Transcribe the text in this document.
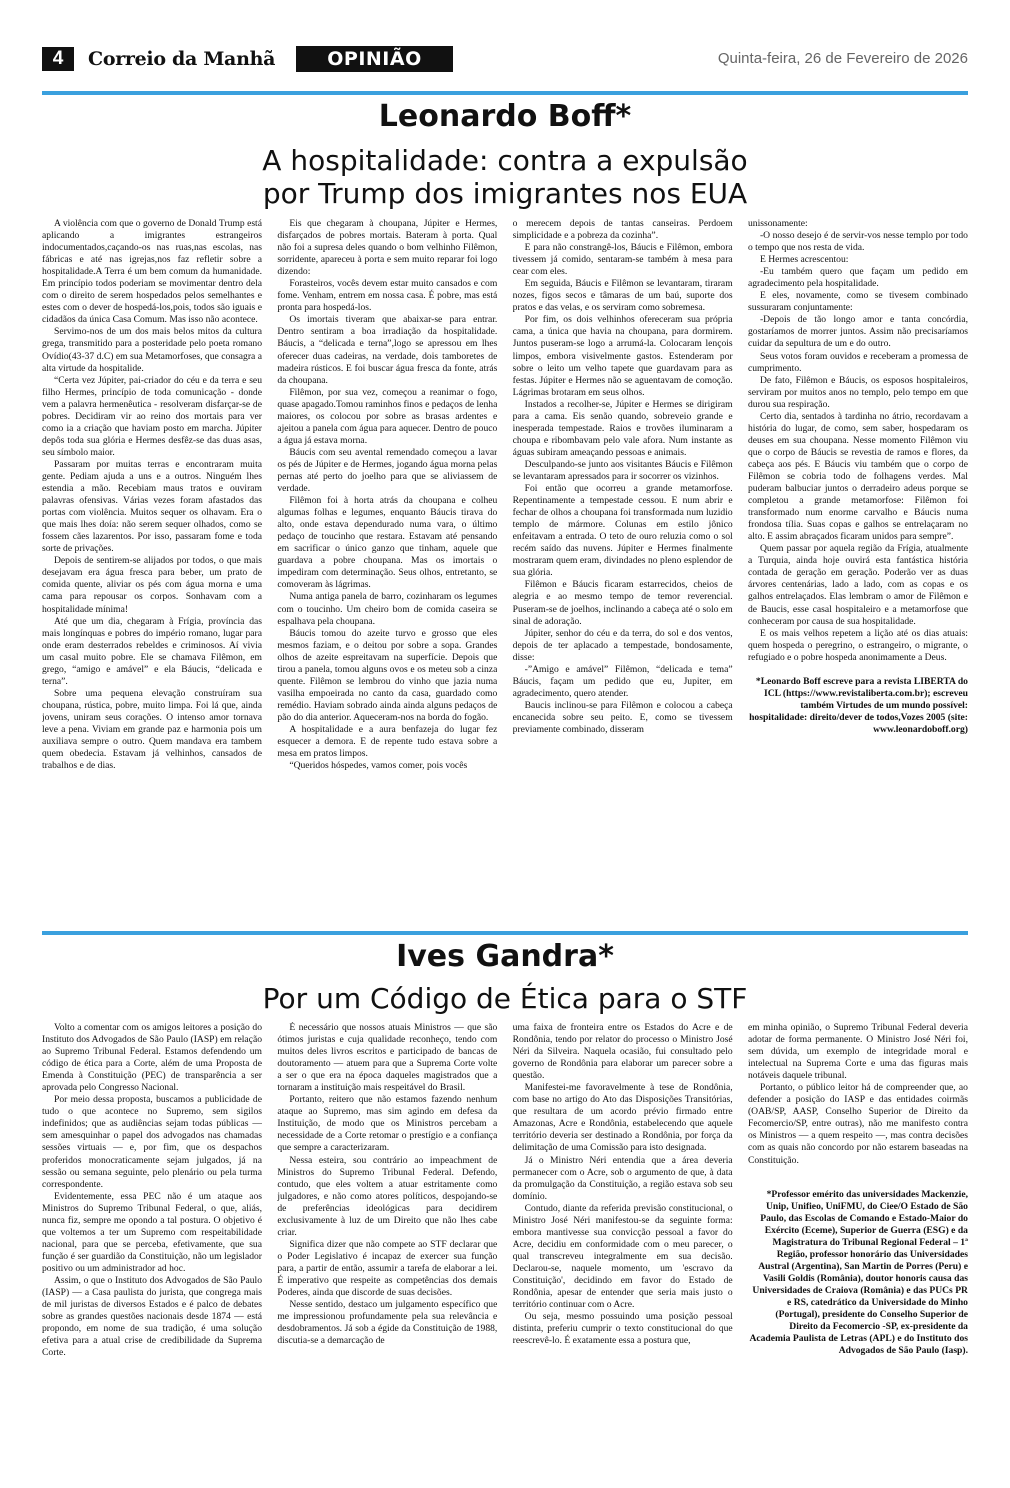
4	Correio da Manhã	OPINIÃO	Quinta-feira, 26 de Fevereiro de 2026
Leonardo Boff*
A hospitalidade: contra a expulsão
por Trump dos imigrantes nos EUA

A violência com que o governo de Donald Trump está aplicando a imigrantes estrangeiros indocumentados,caçando-os nas ruas,nas escolas, nas fábricas e até nas igrejas,nos faz refletir sobre a hospitalidade.A Terra é um bem comum da humanidade. Em princípio todos poderiam se movimentar dentro dela com o direito de serem hospedados pelos semelhantes e estes com o dever de hospedá-los,pois, todos são iguais e cidadãos da única Casa Comum. Mas isso não acontece.

Servimo-nos de um dos mais belos mitos da cultura grega, transmitido para a posteridade pelo poeta romano Ovídio(43-37 d.C) em sua Metamorfoses, que consagra a alta virtude da hospitalide.

“Certa vez Júpiter, pai-criador do céu e da terra e seu filho Hermes, princípio de toda comunicação - donde vem a palavra hermenêutica - resolveram disfarçar-se de pobres. Decidiram vir ao reino dos mortais para ver como ia a criação que haviam posto em marcha. Júpiter depôs toda sua glória e Hermes desfêz-se das duas asas, seu símbolo maior.

Passaram por muitas terras e encontraram muita gente. Pediam ajuda a uns e a outros. Ninguém lhes estendia a mão. Recebiam maus tratos e ouviram palavras ofensivas. Várias vezes foram afastados das portas com violência. Muitos sequer os olhavam. Era o que mais lhes doía: não serem sequer olhados, como se fossem cães lazarentos. Por isso, passaram fome e toda sorte de privações.

Depois de sentirem-se alijados por todos, o que mais desejavam era água fresca para beber, um prato de comida quente, aliviar os pés com água morna e uma cama para repousar os corpos. Sonhavam com a hospitalidade mínima!

Até que um dia, chegaram à Frígia, província das mais longínquas e pobres do império romano, lugar para onde eram desterrados rebeldes e criminosos. Aí vivia um casal muito pobre. Ele se chamava Filêmon, em grego, “amigo e amável” e ela Báucis, “delicada e terna”.

Sobre uma pequena elevação construíram sua choupana, rústica, pobre, muito limpa. Foi lá que, ainda jovens, uniram seus corações. O intenso amor tornava leve a pena. Viviam em grande paz e harmonia pois um auxiliava sempre o outro. Quem mandava era tambem quem obedecia. Estavam já velhinhos, cansados de trabalhos e de dias.

Eis que chegaram à choupana, Júpiter e Hermes, disfarçados de pobres mortais. Bateram à porta. Qual não foi a supresa deles quando o bom velhinho Filêmon, sorridente, apareceu à porta e sem muito reparar foi logo dizendo:

Forasteiros, vocês devem estar muito cansados e com fome. Venham, entrem em nossa casa. É pobre, mas está pronta para hospedá-los.

Os imortais tiveram que abaixar-se para entrar. Dentro sentiram a boa irradiação da hospitalidade. Báucis, a “delicada e terna”,logo se apressou em lhes oferecer duas cadeiras, na verdade, dois tamboretes de madeira rústicos. E foi buscar água fresca da fonte, atrás da choupana.

Filêmon, por sua vez, começou a reanimar o fogo, quase apagado.Tomou raminhos finos e pedaços de lenha maiores, os colocou por sobre as brasas ardentes e ajeitou a panela com água para aquecer. Dentro de pouco a água já estava morna.

Báucis com seu avental remendado começou a lavar os pés de Júpiter e de Hermes, jogando água morna pelas pernas até perto do joelho para que se aliviassem de verdade.

Filêmon foi à horta atrás da choupana e colheu algumas folhas e legumes, enquanto Báucis tirava do alto, onde estava dependurado numa vara, o último pedaço de toucinho que restara. Estavam até pensando em sacrificar o único ganzo que tinham, aquele que guardava a pobre choupana. Mas os imortais o impediram com determinação. Seus olhos, entretanto, se comoveram às lágrimas.

Numa antiga panela de barro, cozinharam os legumes com o toucinho. Um cheiro bom de comida caseira se espalhava pela choupana.

Báucis tomou do azeite turvo e grosso que eles mesmos faziam, e o deitou por sobre a sopa. Grandes olhos de azeite espreitavam na superfície. Depois que tirou a panela, tomou alguns ovos e os meteu sob a cinza quente. Filêmon se lembrou do vinho que jazia numa vasilha empoeirada no canto da casa, guardado como remédio. Haviam sobrado ainda ainda alguns pedaços de pão do dia anterior. Aqueceram-nos na borda do fogão.

A hospitalidade e a aura benfazeja do lugar fez esquecer a demora. E de repente tudo estava sobre a mesa em pratos limpos.

“Queridos hóspedes, vamos comer, pois vocês

o merecem depois de tantas canseiras. Perdoem simplicidade e a pobreza da cozinha”.

E para não constrangê-los, Báucis e Filêmon, embora tivessem já comido, sentaram-se também à mesa para cear com eles.

Em seguida, Báucis e Filêmon se levantaram, tiraram nozes, figos secos e tâmaras de um baú, suporte dos pratos e das velas, e os serviram como sobremesa.

Por fim, os dois velhinhos ofereceram sua própria cama, a única que havia na choupana, para dormirem. Juntos puseram-se logo a arrumá-la. Colocaram lençois limpos, embora visivelmente gastos. Estenderam por sobre o leito um velho tapete que guardavam para as festas. Júpiter e Hermes não se aguentavam de comoção. Lágrimas brotaram em seus olhos.

Instados a recolher-se, Júpiter e Hermes se dirigiram para a cama. Eis senão quando, sobreveio grande e inesperada tempestade. Raios e trovões iluminaram a choupa e ribombavam pelo vale afora. Num instante as águas subiram ameaçando pessoas e animais.

Desculpando-se junto aos visitantes Báucis e Filêmon se levantaram apressados para ir socorrer os vizinhos.

Foi então que ocorreu a grande metamorfose. Repentinamente a tempestade cessou. E num abrir e fechar de olhos a choupana foi transformada num luzidio templo de mármore. Colunas em estilo jônico enfeitavam a entrada. O teto de ouro reluzia como o sol recém saído das nuvens. Júpiter e Hermes finalmente mostraram quem eram, divindades no pleno esplendor de sua glória.

Filêmon e Báucis ficaram estarrecidos, cheios de alegria e ao mesmo tempo de temor reverencial. Puseram-se de joelhos, inclinando a cabeça até o solo em sinal de adoração.

Júpiter, senhor do céu e da terra, do sol e dos ventos, depois de ter aplacado a tempestade, bondosamente, disse:

-”Amigo e amável” Filêmon, “delicada e tema” Báucis, façam um pedido que eu, Jupiter, em agradecimento, quero atender.

Baucis inclinou-se para Filêmon e colocou a cabeça encanecida sobre seu peito. E, como se tivessem previamente combinado, disseram

unissonamente:

-O nosso desejo é de servir-vos nesse templo por todo o tempo que nos resta de vida.

E Hermes acrescentou:

-Eu também quero que façam um pedido em agradecimento pela hospitalidade.

E eles, novamente, como se tivesem combinado sussuraram conjuntamente:

-Depois de tão longo amor e tanta concórdia, gostaríamos de morrer juntos. Assim não precisaríamos cuidar da sepultura de um e do outro.

Seus votos foram ouvidos e receberam a promessa de cumprimento.

De fato, Filêmon e Báucis, os esposos hospitaleiros, serviram por muitos anos no templo, pelo tempo em que durou sua respiração.

Certo dia, sentados à tardinha no átrio, recordavam a história do lugar, de como, sem saber, hospedaram os deuses em sua choupana. Nesse momento Filêmon viu que o corpo de Báucis se revestia de ramos e flores, da cabeça aos pés. E Báucis viu também que o corpo de Filêmon se cobria todo de folhagens verdes. Mal puderam balbuciar juntos o derradeiro adeus porque se completou a grande metamorfose: Filêmon foi transformado num enorme carvalho e Báucis numa frondosa tília. Suas copas e galhos se entrelaçaram no alto. E assim abraçados ficaram unidos para sempre”.

Quem passar por aquela região da Frígia, atualmente a Turquia, ainda hoje ouvirá esta fantástica história contada de geração em geração. Poderão ver as duas árvores centenárias, lado a lado, com as copas e os galhos entrelaçados. Elas lembram o amor de Filêmon e de Baucis, esse casal hospitaleiro e a metamorfose que conheceram por causa de sua hospitalidade.

E os mais velhos repetem a lição até os dias atuais: quem hospeda o peregrino, o estrangeiro, o migrante, o refugiado e o pobre hospeda anonimamente a Deus.

*Leonardo Boff escreve para a revista LIBERTA do ICL (https://www.revistaliberta.com.br); escreveu também Virtudes de um mundo possível: hospitalidade: direito/dever de todos,Vozes 2005 (site: www.leonardoboff.org)

Ives Gandra*
Por um Código de Ética para o STF

Volto a comentar com os amigos leitores a posição do Instituto dos Advogados de São Paulo (IASP) em relação ao Supremo Tribunal Federal. Estamos defendendo um código de ética para a Corte, além de uma Proposta de Emenda à Constituição (PEC) de transparência a ser aprovada pelo Congresso Nacional.

Por meio dessa proposta, buscamos a publicidade de tudo o que acontece no Supremo, sem sigilos indefinidos; que as audiências sejam todas públicas — sem amesquinhar o papel dos advogados nas chamadas sessões virtuais — e, por fim, que os despachos proferidos monocraticamente sejam julgados, já na sessão ou semana seguinte, pelo plenário ou pela turma correspondente.

Evidentemente, essa PEC não é um ataque aos Ministros do Supremo Tribunal Federal, o que, aliás, nunca fiz, sempre me opondo a tal postura. O objetivo é que voltemos a ter um Supremo com respeitabilidade nacional, para que se perceba, efetivamente, que sua função é ser guardião da Constituição, não um legislador positivo ou um administrador ad hoc.

Assim, o que o Instituto dos Advogados de São Paulo (IASP) — a Casa paulista do jurista, que congrega mais de mil juristas de diversos Estados e é palco de debates sobre as grandes questões nacionais desde 1874 — está propondo, em nome de sua tradição, é uma solução efetiva para a atual crise de credibilidade da Suprema Corte.

É necessário que nossos atuais Ministros — que são ótimos juristas e cuja qualidade reconheço, tendo com muitos deles livros escritos e participado de bancas de doutoramento — atuem para que a Suprema Corte volte a ser o que era na época daqueles magistrados que a tornaram a instituição mais respeitável do Brasil.

Portanto, reitero que não estamos fazendo nenhum ataque ao Supremo, mas sim agindo em defesa da Instituição, de modo que os Ministros percebam a necessidade de a Corte retomar o prestígio e a confiança que sempre a caracterizaram.

Nessa esteira, sou contrário ao impeachment de Ministros do Supremo Tribunal Federal. Defendo, contudo, que eles voltem a atuar estritamente como julgadores, e não como atores políticos, despojando-se de preferências ideológicas para decidirem exclusivamente à luz de um Direito que não lhes cabe criar.

Significa dizer que não compete ao STF declarar que o Poder Legislativo é incapaz de exercer sua função para, a partir de então, assumir a tarefa de elaborar a lei. É imperativo que respeite as competências dos demais Poderes, ainda que discorde de suas decisões.

Nesse sentido, destaco um julgamento específico que me impressionou profundamente pela sua relevância e desdobramentos. Já sob a égide da Constituição de 1988, discutia-se a demarcação de

uma faixa de fronteira entre os Estados do Acre e de Rondônia, tendo por relator do processo o Ministro José Néri da Silveira. Naquela ocasião, fui consultado pelo governo de Rondônia para elaborar um parecer sobre a questão.

Manifestei-me favoravelmente à tese de Rondônia, com base no artigo do Ato das Disposições Transitórias, que resultara de um acordo prévio firmado entre Amazonas, Acre e Rondônia, estabelecendo que aquele território deveria ser destinado a Rondônia, por força da delimitação de uma Comissão para isto designada.

Já o Ministro Néri entendia que a área deveria permanecer com o Acre, sob o argumento de que, à data da promulgação da Constituição, a região estava sob seu domínio.

Contudo, diante da referida previsão constitucional, o Ministro José Néri manifestou-se da seguinte forma: embora mantivesse sua convicção pessoal a favor do Acre, decidiu em conformidade com o meu parecer, o qual transcreveu integralmente em sua decisão. Declarou-se, naquele momento, um 'escravo da Constituição', decidindo em favor do Estado de Rondônia, apesar de entender que seria mais justo o território continuar com o Acre.

Ou seja, mesmo possuindo uma posição pessoal distinta, preferiu cumprir o texto constitucional do que reescrevê-lo. É exatamente essa a postura que,

em minha opinião, o Supremo Tribunal Federal deveria adotar de forma permanente. O Ministro José Néri foi, sem dúvida, um exemplo de integridade moral e intelectual na Suprema Corte e uma das figuras mais notáveis daquele tribunal.

Portanto, o público leitor há de compreender que, ao defender a posição do IASP e das entidades coirmãs (OAB/SP, AASP, Conselho Superior de Direito da Fecomercio/SP, entre outras), não me manifesto contra os Ministros — a quem respeito —, mas contra decisões com as quais não concordo por não estarem baseadas na Constituição.

*Professor emérito das universidades Mackenzie, Unip, Unifieo, UniFMU, do Ciee/O Estado de São Paulo, das Escolas de Comando e Estado-Maior do Exército (Eceme), Superior de Guerra (ESG) e da Magistratura do Tribunal Regional Federal – 1ª Região, professor honorário das Universidades Austral (Argentina), San Martin de Porres (Peru) e Vasili Goldis (România), doutor honoris causa das Universidades de Craiova (România) e das PUCs PR e RS, catedrático da Universidade do Minho (Portugal), presidente do Conselho Superior de Direito da Fecomercio -SP, ex-presidente da Academia Paulista de Letras (APL) e do Instituto dos Advogados de São Paulo (Iasp).
